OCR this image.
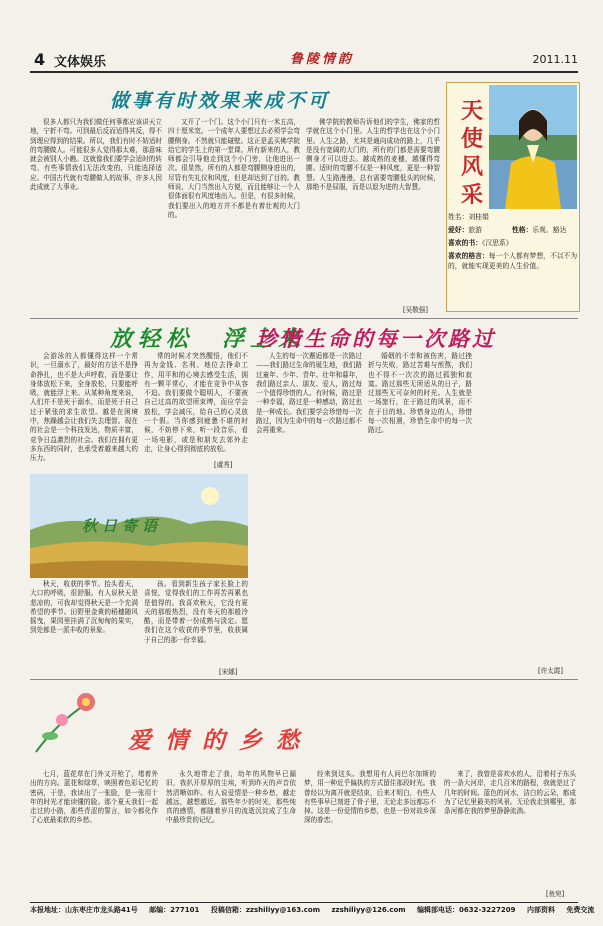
4 文体娱乐	鲁陵情韵	2011.11
做事有时效果来成不可
很多人都只为我们做任何事都应该讲天立地，宁折不弯。可到最后反而适得其反，得不到理应得到的结果。所以，我们有时不妨适时的弯腰做人。可能很多人觉得那太难，那意味就会被别人小瞧。这就像我们要学会适时的转弯，有些事情我们无法改变的，只能选择适应。中国古代就有弯腰做人的故事，许多人因此成就了大事业。
又开了一个门。这个小门只有一米五高，四十厘米宽。一个成年人要想过去必须学会弯腰侧身。不然就只能碰壁。这正是孟买佛学院给它的学生上的第一堂课。所有新来的人，教师都会引导他走到这个小门旁，让他进出一次。很显然，所有的人都是弯腰侧身进出的，尽管有失礼仪和风度，但是却达到了目的。教师说，大门当然出入方便，而且能够让一个人很体面很有风度地出入。但是，有很多时候，我们要出入的地方并不都是有着壮观的大门的。
佛学院的教师告诉他们的学生，佛家的哲学就在这个小门里。人生的哲学也在这个小门里。人生之路，尤其是通向成功的路上，几乎是没有宽阔的大门的，所有的门都是需要弯腰侧身才可以进去。越成熟的麦穗，越懂得弯腰。适时的弯腰不仅是一种风度，更是一种智慧。人生路漫漫，总有需要弯腰低头的时候，那绝不是屈服，而是以退为进的大智慧。
[吴敬强]
天使风采
姓名：刘桂娟
爱好：旅游	性格：乐观、豁达
喜欢的书：《汉思系》
喜欢的格言：每一个人都有梦想，不以不为的，就能实现更美的人生价值。
放轻松　浮上来
会游泳的人都懂得这样一个常识，一旦溺水了，最好的方法不是挣命挣扎，也不是大声呼救，而是要让身体放松下来，全身放松，只要能呼吸，就能浮上来。从某种角度来说，人们并不是死于溺水，而是死于自己过于紧张的求生欲望。越是在困境中，焦躁越会让我们失去理智。现在的社会是一个科技发达，物质丰富，竞争日益激烈的社会。我们在拥有更多东西的同时，也承受着越来越大的压力。
常的时候才突然醒悟，他们不再为金钱、名利、地位去挣命工作，用平和的心境去感受生活，拥有一颗平常心，才能在竞争中从容不迫。我们要做个聪明人，不要被自己过高的欲望所束缚，而应学会放松，学会减压，给自己的心灵放一个假。当你感到疲惫不堪的时候，不妨停下来，听一段音乐，看一场电影，或是和朋友去郊外走走，让身心得到彻底的放松。
[虞秀]
珍惜生命的每一次路过
人生的每一次邂逅都是一次路过——我们路过生命的诞生地，我们路过童年、少年、青年、壮年和暮年，我们路过亲人、朋友、爱人，路过每一个值得珍惜的人。有时候，路过是一种幸福，路过是一种感动，路过也是一种成长。我们要学会珍惜每一次路过，因为生命中的每一次路过都不会再重来。
婚姻的不幸和被伤害，路过挫折与失败，路过苦难与煎熬，我们也不得不一次次的路过孤独和寂寞。路过那些无所适从的日子，路过那些无可奈何的时光。人生就是一场旅行，在于路过的风景，而不在于目的地。珍惜身边的人，珍惜每一次相遇，珍惜生命中的每一次路过。
[许太霞]
秋日寄语
秋天，收获的季节。抬头看天，大口的呼吸，很舒服。有人说秋天是悲凉的，可我却觉得秋天是一个充满希望的季节。田野里金黄的稻穗随风摇曳，果园里挂满了沉甸甸的果实，到处都是一派丰收的景象。
孩。看到新生孩子家长脸上的喜悦，觉得我们的工作再苦再累也是值得的。我喜欢秋天，它没有夏天的那般热烈，没有冬天的那般冷酷，而是带着一份成熟与淡定。愿我们在这个收获的季节里，收获属于自己的那一份幸福。
[宋娜]
爱情的乡愁
七月，蓝花草在门外又开枪了，堵着外出的方向。蓝花和绿草，映照着色彩记忆的密码，于是，我读出了一张脸，是一张用十年的时光才能读懂的脸。那个夏天我们一起走过的小路，那些青涩的誓言，如今都化作了心底最柔软的乡愁。
永久地带走了我，幼年的风物早已漏旧，我扒开厚厚的尘埃，听到昨天的声音依然清晰如昨。有人说爱情是一种乡愁，越走越远，越想越近。那些年少的时光，那些纯真的感情，都随着岁月的流逝沉淀成了生命中最珍贵的记忆。
经来到这头。我想用有人问巴尔加斯的梦，用一种近乎偏执的方式留住那段时光。我曾经以为离开就是结束，后来才明白，有些人有些事早已刻进了骨子里，无论走多远都忘不掉。这是一份爱情的乡愁，也是一份对故乡深深的眷恋。
来了，我曾是喜欢水的人，沿着村子东头的一条大河岸，走几百米的路程，我就是过了几年的时间。蓝色的河水，洁白的云朵，都成为了记忆里最美的风景。无论我走到哪里，那条河都在我的梦里静静流淌。
[鱼宛]
本报地址：山东枣庄市龙头路41号 邮编：277101 投稿信箱：zzshiliyy@163.com zzshiliyy@126.com 编辑部电话：0632-3227209 内部资料 免费交流
